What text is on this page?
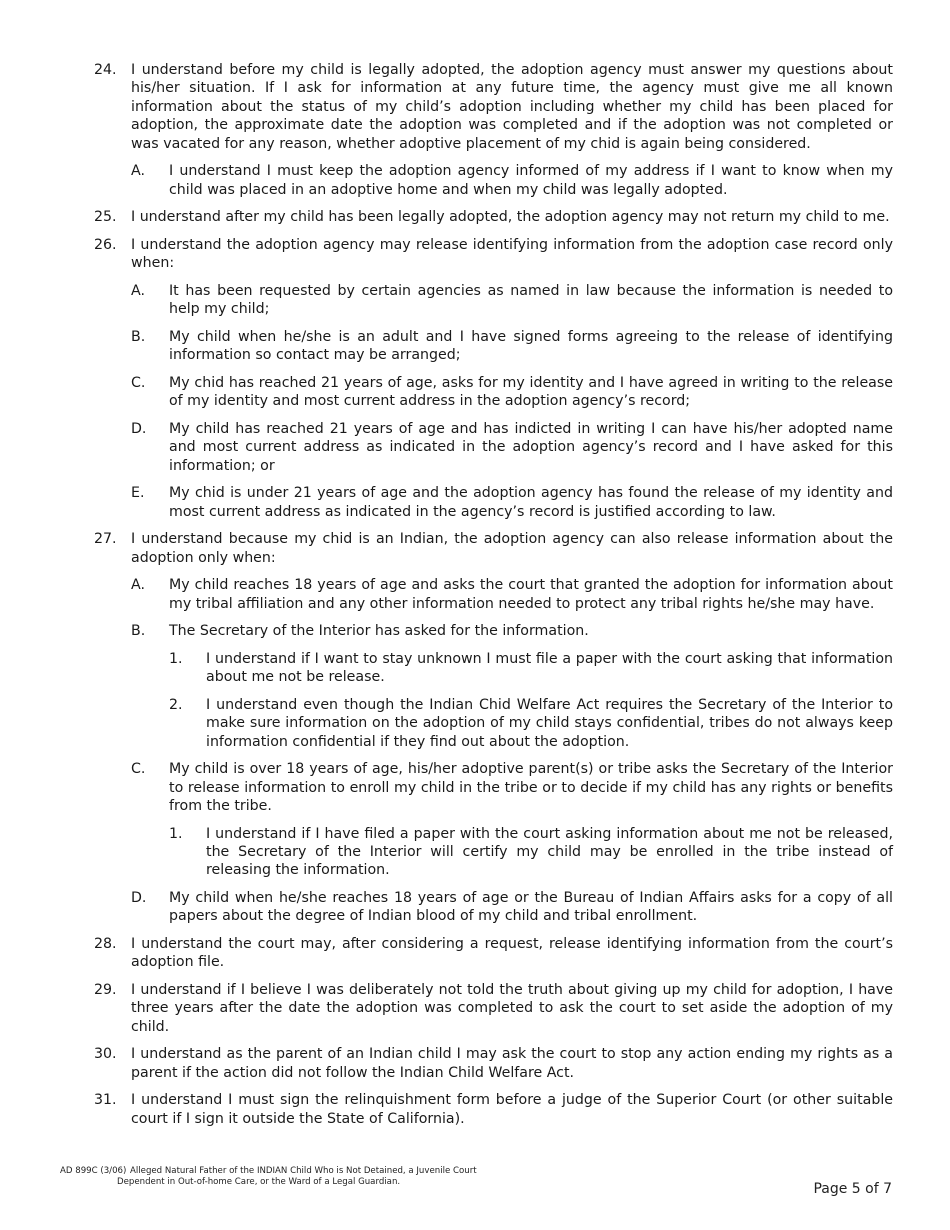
24. I understand before my child is legally adopted, the adoption agency must answer my questions about his/her situation. If I ask for information at any future time, the agency must give me all known information about the status of my child’s adoption including whether my child has been placed for adoption, the approximate date the adoption was completed and if the adoption was not completed or was vacated for any reason, whether adoptive placement of my chid is again being considered.
A. I understand I must keep the adoption agency informed of my address if I want to know when my child was placed in an adoptive home and when my child was legally adopted.
25. I understand after my child has been legally adopted, the adoption agency may not return my child to me.
26. I understand the adoption agency may release identifying information from the adoption case record only when:
A. It has been requested by certain agencies as named in law because the information is needed to help my child;
B. My child when he/she is an adult and I have signed forms agreeing to the release of identifying information so contact may be arranged;
C. My chid has reached 21 years of age, asks for my identity and I have agreed in writing to the release of my identity and most current address in the adoption agency’s record;
D. My child has reached 21 years of age and has indicted in writing I can have his/her adopted name and most current address as indicated in the adoption agency’s record and I have asked for this information; or
E. My chid is under 21 years of age and the adoption agency has found the release of my identity and most current address as indicated in the agency’s record is justified according to law.
27. I understand because my chid is an Indian, the adoption agency can also release information about the adoption only when:
A. My child reaches 18 years of age and asks the court that granted the adoption for information about my tribal affiliation and any other information needed to protect any tribal rights he/she may have.
B. The Secretary of the Interior has asked for the information.
1. I understand if I want to stay unknown I must file a paper with the court asking that information about me not be release.
2. I understand even though the Indian Chid Welfare Act requires the Secretary of the Interior to make sure information on the adoption of my child stays confidential, tribes do not always keep information confidential if they find out about the adoption.
C. My child is over 18 years of age, his/her adoptive parent(s) or tribe asks the Secretary of the Interior to release information to enroll my child in the tribe or to decide if my child has any rights or benefits from the tribe.
1. I understand if I have filed a paper with the court asking information about me not be released, the Secretary of the Interior will certify my child may be enrolled in the tribe instead of releasing the information.
D. My child when he/she reaches 18 years of age or the Bureau of Indian Affairs asks for a copy of all papers about the degree of Indian blood of my child and tribal enrollment.
28. I understand the court may, after considering a request, release identifying information from the court’s adoption file.
29. I understand if I believe I was deliberately not told the truth about giving up my child for adoption, I have three years after the date the adoption was completed to ask the court to set aside the adoption of my child.
30. I understand as the parent of an Indian child I may ask the court to stop any action ending my rights as a parent if the action did not follow the Indian Child Welfare Act.
31. I understand I must sign the relinquishment form before a judge of the Superior Court (or other suitable court if I sign it outside the State of California).
AD 899C (3/06) Alleged Natural Father of the INDIAN Child Who is Not Detained, a Juvenile Court
Dependent in Out-of-home Care, or the Ward of a Legal Guardian.	Page 5 of 7
